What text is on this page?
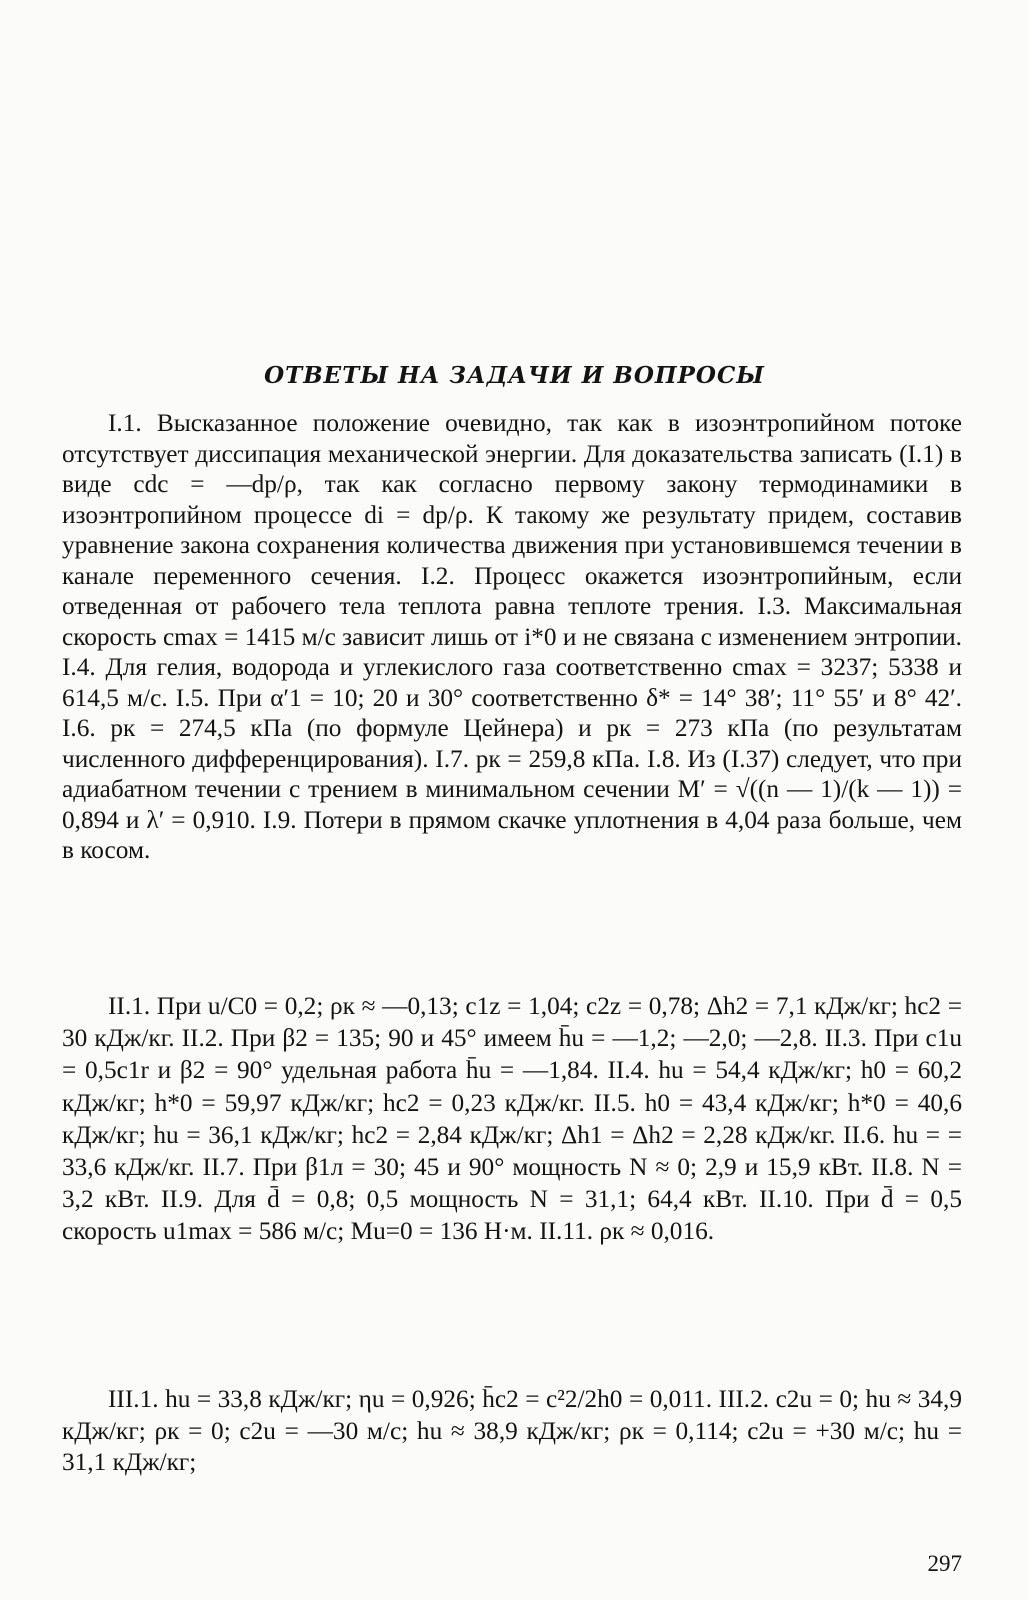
ОТВЕТЫ НА ЗАДАЧИ И ВОПРОСЫ
I.1. Высказанное положение очевидно, так как в изоэнтропийном потоке отсутствует диссипация механической энергии. Для доказательства записать (I.1) в виде cdc = —dp/ρ, так как согласно первому закону термодинамики в изоэнтропийном процессе di = dp/ρ. К такому же результату придем, составив уравнение закона сохранения количества движения при установившемся течении в канале переменного сечения. I.2. Процесс окажется изоэнтропийным, если отведенная от рабочего тела теплота равна теплоте трения. I.3. Максимальная скорость cmax = 1415 м/с зависит лишь от i*0 и не связана с изменением энтропии. I.4. Для гелия, водорода и углекислого газа соответственно cmax = 3237; 5338 и 614,5 м/с. I.5. При α′1 = 10; 20 и 30° соответственно δ* = 14° 38′; 11° 55′ и 8° 42′. I.6. pк = 274,5 кПа (по формуле Цейнера) и pк = 273 кПа (по результатам численного дифференцирования). I.7. pк = 259,8 кПа. I.8. Из (I.37) следует, что при адиабатном течении с трением в минимальном сечении M′ = √((n — 1)/(k — 1)) = 0,894 и λ′ = 0,910. I.9. Потери в прямом скачке уплотнения в 4,04 раза больше, чем в косом.
II.1. При u/C0 = 0,2; ρк ≈ —0,13; c1z = 1,04; c2z = 0,78; Δh2 = 7,1 кДж/кг; hc2 = 30 кДж/кг. II.2. При β2 = 135; 90 и 45° имеем h̄u = —1,2; —2,0; —2,8. II.3. При c1u = 0,5c1r и β2 = 90° удельная работа h̄u = —1,84. II.4. hu = 54,4 кДж/кг; h0 = 60,2 кДж/кг; h*0 = 59,97 кДж/кг; hc2 = 0,23 кДж/кг. II.5. h0 = 43,4 кДж/кг; h*0 = 40,6 кДж/кг; hu = 36,1 кДж/кг; hc2 = 2,84 кДж/кг; Δh1 = Δh2 = 2,28 кДж/кг. II.6. hu = = 33,6 кДж/кг. II.7. При β1л = 30; 45 и 90° мощность N ≈ 0; 2,9 и 15,9 кВт. II.8. N = 3,2 кВт. II.9. Для d̄ = 0,8; 0,5 мощность N = 31,1; 64,4 кВт. II.10. При d̄ = 0,5 скорость u1max = 586 м/с; Mu=0 = 136 Н·м. II.11. ρк ≈ 0,016.
III.1. hu = 33,8 кДж/кг; ηu = 0,926; h̄c2 = c²2/2h0 = 0,011. III.2. c2u = 0; hu ≈ 34,9 кДж/кг; ρк = 0; c2u = —30 м/с; hu ≈ 38,9 кДж/кг; ρк = 0,114; c2u = +30 м/с; hu = 31,1 кДж/кг;
297
